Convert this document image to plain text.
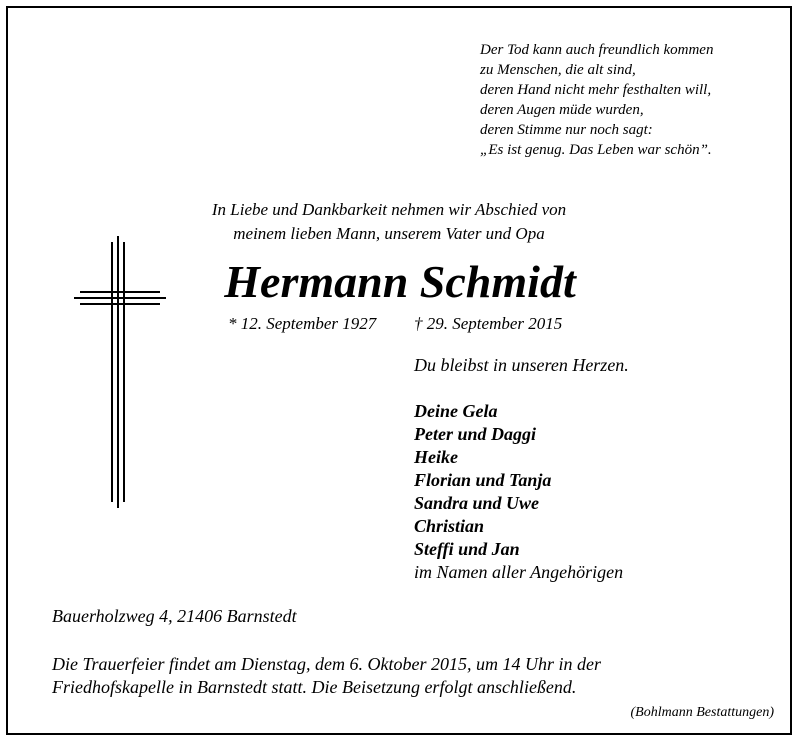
Der Tod kann auch freundlich kommen
zu Menschen, die alt sind,
deren Hand nicht mehr festhalten will,
deren Augen müde wurden,
deren Stimme nur noch sagt:
„Es ist genug. Das Leben war schön”.
In Liebe und Dankbarkeit nehmen wir Abschied von
meinem lieben Mann, unserem Vater und Opa
Hermann Schmidt
* 12. September 1927 † 29. September 2015
Du bleibst in unseren Herzen.
Deine Gela
Peter und Daggi
Heike
Florian und Tanja
Sandra und Uwe
Christian
Steffi und Jan
im Namen aller Angehörigen
Bauerholzweg 4, 21406 Barnstedt
Die Trauerfeier findet am Dienstag, dem 6. Oktober 2015, um 14 Uhr in der
Friedhofskapelle in Barnstedt statt. Die Beisetzung erfolgt anschließend.
(Bohlmann Bestattungen)
